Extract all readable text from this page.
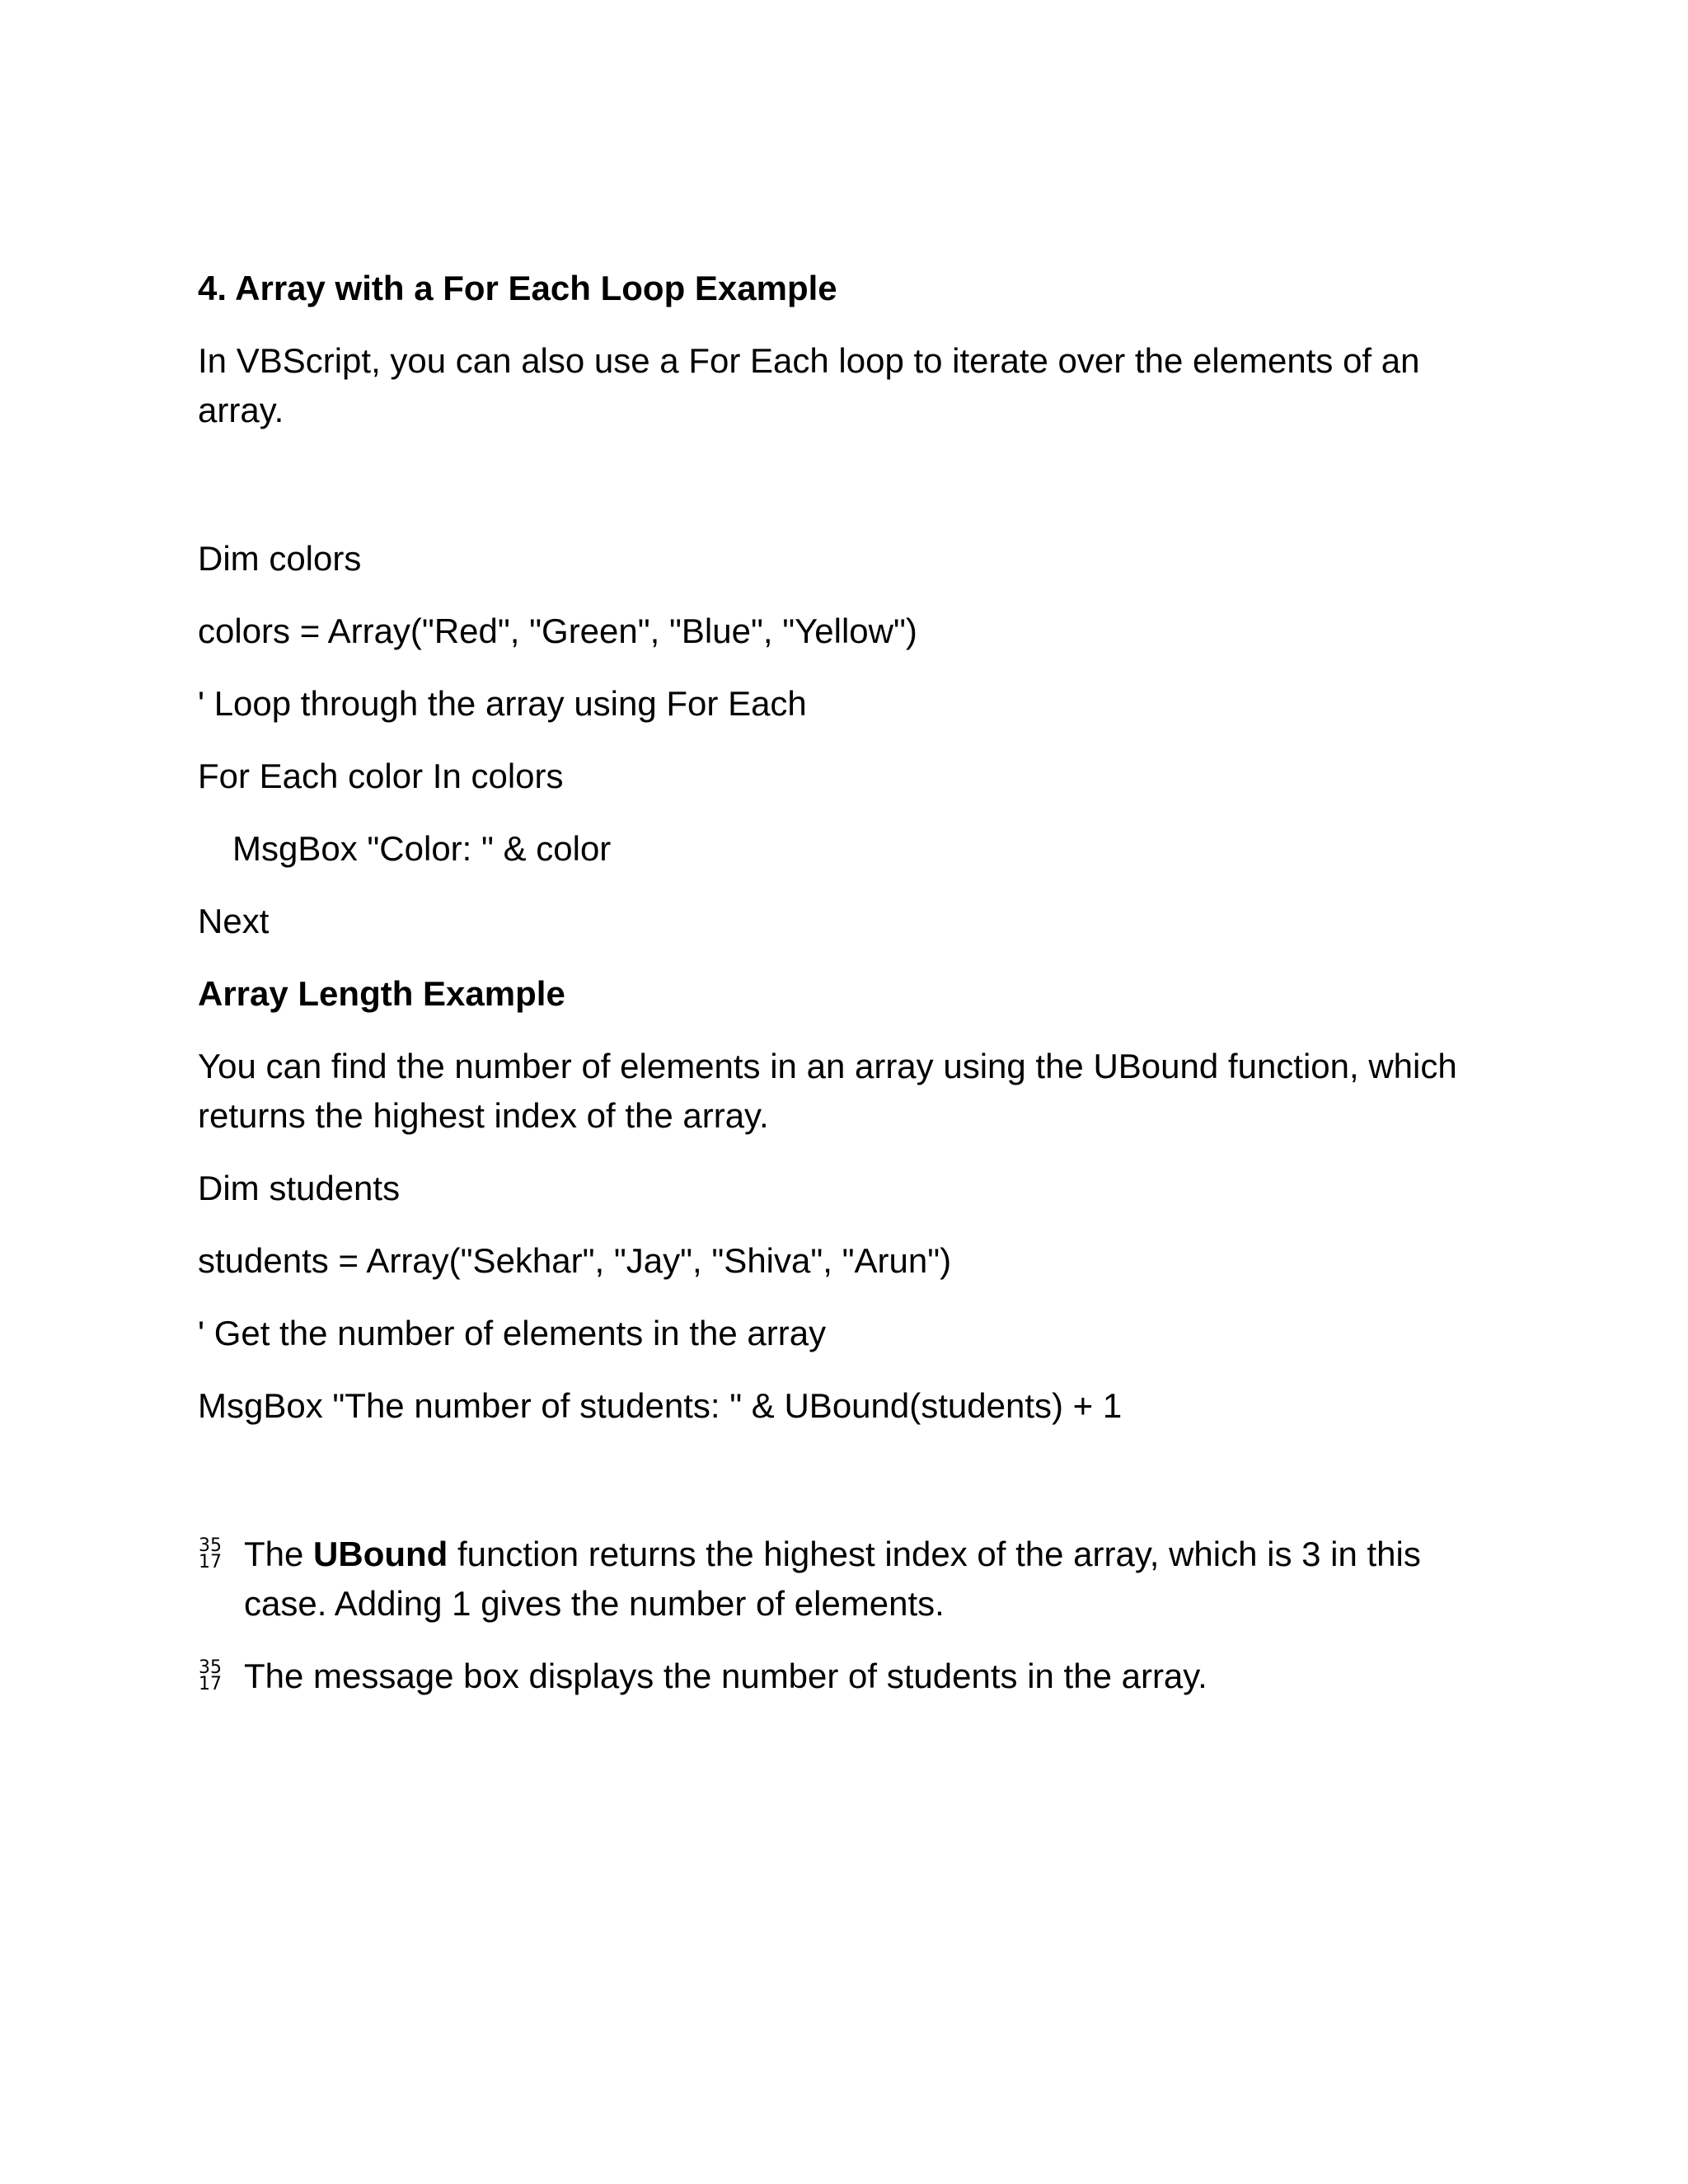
4. Array with a For Each Loop Example

In VBScript, you can also use a For Each loop to iterate over the elements of an array.

Dim colors

colors = Array("Red", "Green", "Blue", "Yellow")

' Loop through the array using For Each

For Each color In colors

MsgBox "Color: " & color

Next

Array Length Example

You can find the number of elements in an array using the UBound function, which returns the highest index of the array.

Dim students

students = Array("Sekhar", "Jay", "Shiva", "Arun")

' Get the number of elements in the array

MsgBox "The number of students: " & UBound(students) + 1

35
17 The UBound function returns the highest index of the array, which is 3 in this case. Adding 1 gives the number of elements.

35
17 The message box displays the number of students in the array.
